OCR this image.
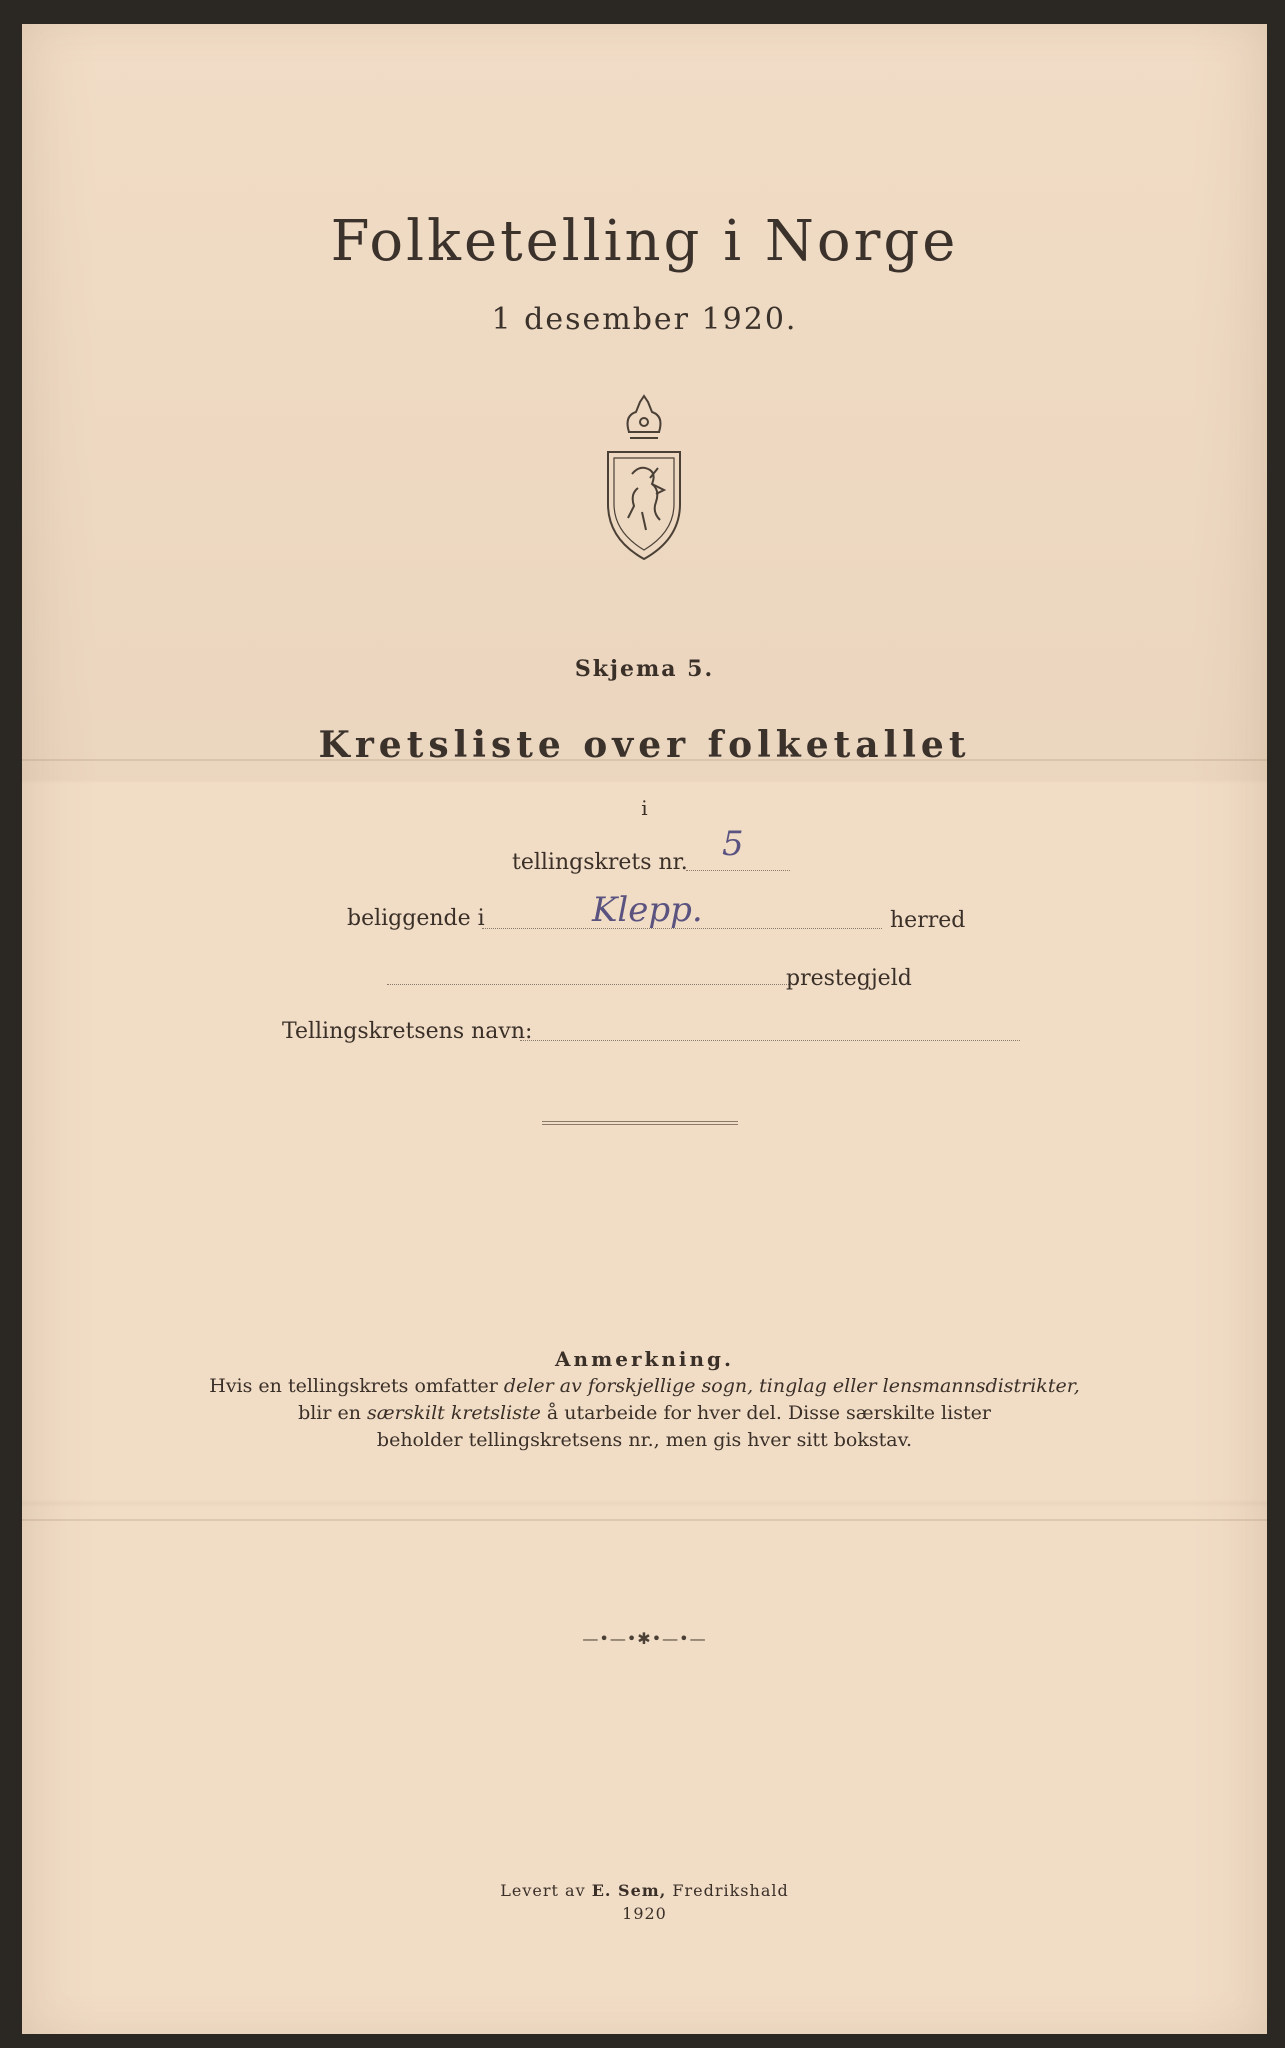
Folketelling i Norge
1 desember 1920.
Skjema 5.
Kretsliste over folketallet
i
tellingskrets nr. 5
beliggende i	Klepp.	herred
prestegjeld
Tellingskretsens navn:
Anmerkning.
Hvis en tellingskrets omfatter deler av forskjellige sogn, tinglag eller lensmannsdistrikter,
blir en særskilt kretsliste å utarbeide for hver del. Disse særskilte lister
beholder tellingskretsens nr., men gis hver sitt bokstav.
—•—•✱•—•—
Levert av E. Sem, Fredrikshald
1920
